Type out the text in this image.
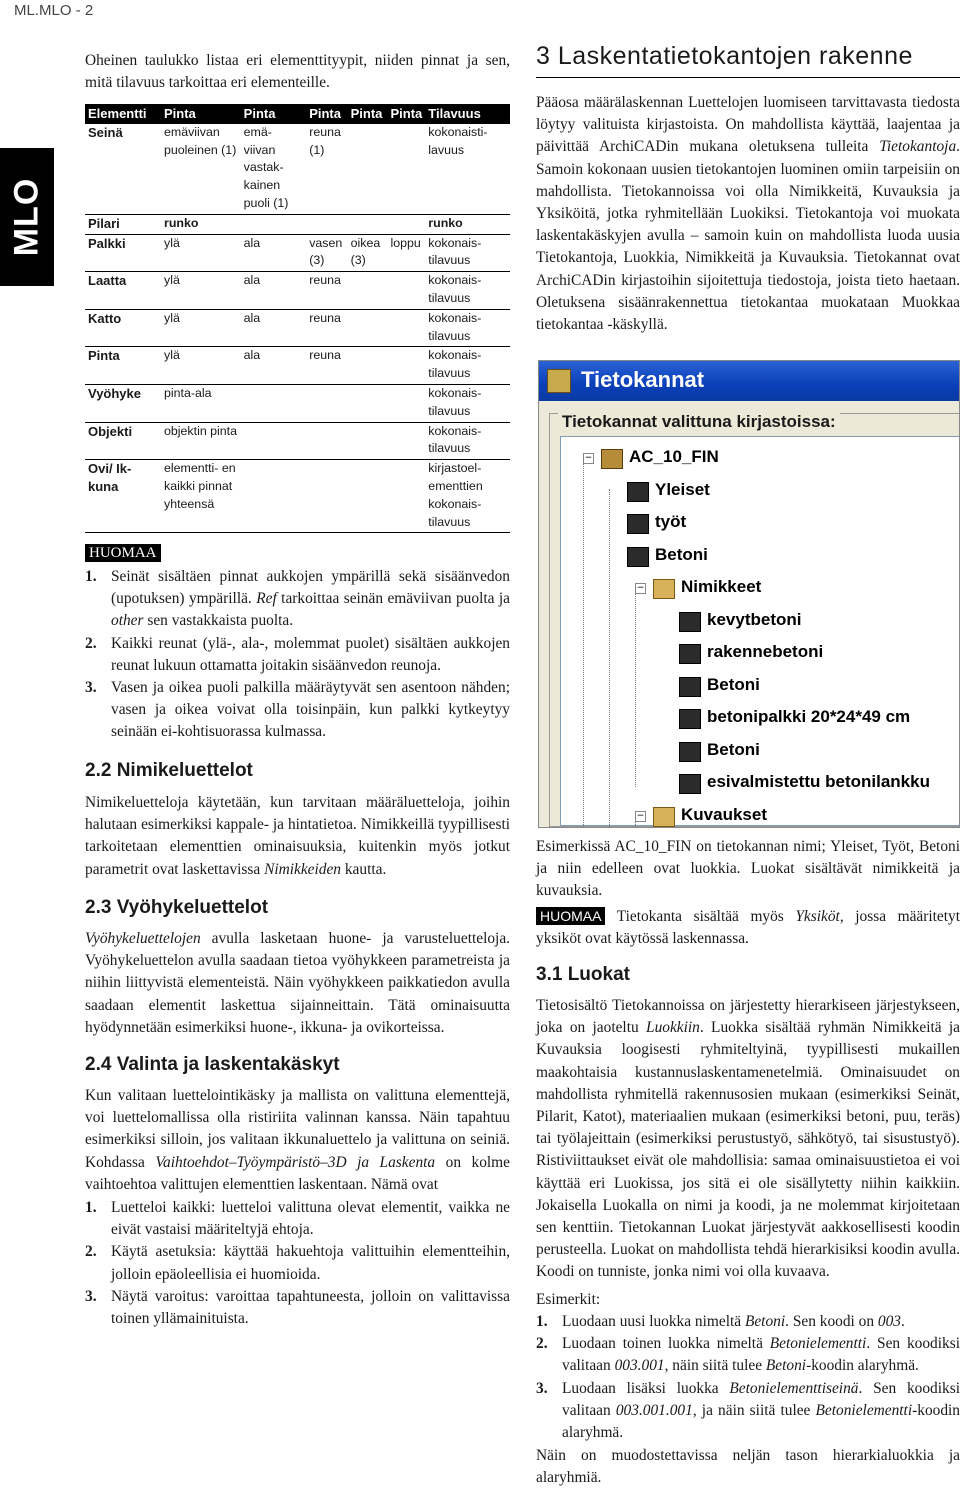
ML.MLO - 2
MLO
Oheinen taulukko listaa eri elementtityypit, niiden pinnat ja sen, mitä tilavuus tarkoittaa eri elementeille.
Elementti	Pinta	Pinta	Pinta	Pinta	Pinta	Tilavuus
Seinä	emäviivan puoleinen (1)	emä- viivan vastak- kainen puoli (1)	reuna (1)			kokonaisti- lavuus
Pilari	runko					runko
Palkki	ylä	ala	vasen (3)	oikea (3)	loppu	kokonais- tilavuus
Laatta	ylä	ala	reuna			kokonais- tilavuus
Katto	ylä	ala	reuna			kokonais- tilavuus
Pinta	ylä	ala	reuna			kokonais- tilavuus
Vyöhyke	pinta-ala					kokonais- tilavuus
Objekti	objektin pinta					kokonais- tilavuus
Ovi/ Ik- kuna	elementti- en kaikki pinnat yhteensä					kirjastoel- ementtien kokonais- tilavuus
HUOMAA
1. Seinät sisältäen pinnat aukkojen ympärillä sekä sisäänvedon (upotuksen) ympärillä. Ref tarkoittaa seinän emäviivan puolta ja other sen vastakkaista puolta.
2. Kaikki reunat (ylä-, ala-, molemmat puolet) sisältäen aukkojen reunat lukuun ottamatta joitakin sisäänvedon reunoja.
3. Vasen ja oikea puoli palkilla määräytyvät sen asentoon nähden; vasen ja oikea voivat olla toisinpäin, kun palkki kytkeytyy seinään ei-kohtisuorassa kulmassa.
2.2 Nimikeluettelot
Nimikeluetteloja käytetään, kun tarvitaan määräluetteloja, joihin halutaan esimerkiksi kappale- ja hintatietoa. Nimikkeillä tyypillisesti tarkoitetaan elementtien ominaisuuksia, kuitenkin myös jotkut parametrit ovat laskettavissa Nimikkeiden kautta.
2.3 Vyöhykeluettelot
Vyöhykeluettelojen avulla lasketaan huone- ja varusteluetteloja. Vyöhykeluettelon avulla saadaan tietoa vyöhykkeen parametreista ja niihin liittyvistä elementeistä. Näin vyöhykkeen paikkatiedon avulla saadaan elementit laskettua sijainneittain. Tätä ominaisuutta hyödynnetään esimerkiksi huone-, ikkuna- ja ovikorteissa.
2.4 Valinta ja laskentakäskyt
Kun valitaan luettelointikäsky ja mallista on valittuna elementtejä, voi luettelomallissa olla ristiriita valinnan kanssa. Näin tapahtuu esimerkiksi silloin, jos valitaan ikkunaluettelo ja valittuna on seiniä. Kohdassa Vaihtoehdot–Työympäristö–3D ja Laskenta on kolme vaihtoehtoa valittujen elementtien laskentaan. Nämä ovat
1. Luetteloi kaikki: luetteloi valittuna olevat elementit, vaikka ne eivät vastaisi määriteltyjä ehtoja.
2. Käytä asetuksia: käyttää hakuehtoja valittuihin elementteihin, jolloin epäoleellisia ei huomioida.
3. Näytä varoitus: varoittaa tapahtuneesta, jolloin on valittavissa toinen yllämainituista.
3 Laskentatietokantojen rakenne
Pääosa määrälaskennan Luettelojen luomiseen tarvittavasta tiedosta löytyy valituista kirjastoista. On mahdollista käyttää, laajentaa ja päivittää ArchiCADin mukana oletuksena tulleita Tietokantoja. Samoin kokonaan uusien tietokantojen luominen omiin tarpeisiin on mahdollista. Tietokannoissa voi olla Nimikkeitä, Kuvauksia ja Yksiköitä, jotka ryhmitellään Luokiksi. Tietokantoja voi muokata laskentakäskyjen avulla – samoin kuin on mahdollista luoda uusia Tietokantoja, Luokkia, Nimikkeitä ja Kuvauksia. Tietokannat ovat ArchiCADin kirjastoihin sijoitettuja tiedostoja, joista tieto haetaan. Oletuksena sisäänrakennettua tietokantaa muokataan Muokkaa tietokantaa -käskyllä.
Tietokannat
Tietokannat valittuna kirjastoissa:
AC_10_FIN
−
Yleiset
työt
Betoni
Nimikkeet
−
kevytbetoni
rakennebetoni
Betoni
betonipalkki 20*24*49 cm
Betoni
esivalmistettu betonilankku
Kuvaukset
−
Esimerkissä AC_10_FIN on tietokannan nimi; Yleiset, Työt, Betoni ja niin edelleen ovat luokkia. Luokat sisältävät nimikkeitä ja kuvauksia.
HUOMAA Tietokanta sisältää myös Yksiköt, jossa määritetyt yksiköt ovat käytössä laskennassa.
3.1 Luokat
Tietosisältö Tietokannoissa on järjestetty hierarkiseen järjestykseen, joka on jaoteltu Luokkiin. Luokka sisältää ryhmän Nimikkeitä ja Kuvauksia loogisesti ryhmiteltyinä, tyypillisesti mukaillen maakohtaisia kustannuslaskentamenetelmiä. Ominaisuudet on mahdollista ryhmitellä rakennusosien mukaan (esimerkiksi Seinät, Pilarit, Katot), materiaalien mukaan (esimerkiksi betoni, puu, teräs) tai työlajeittain (esimerkiksi perustustyö, sähkötyö, tai sisustustyö). Ristiviittaukset eivät ole mahdollisia: samaa ominaisuustietoa ei voi käyttää eri Luokissa, jos sitä ei ole sisällytetty niihin kaikkiin. Jokaisella Luokalla on nimi ja koodi, ja ne molemmat kirjoitetaan sen kenttiin. Tietokannan Luokat järjestyvät aakkosellisesti koodin perusteella. Luokat on mahdollista tehdä hierarkisiksi koodin avulla. Koodi on tunniste, jonka nimi voi olla kuvaava.
Esimerkit:
1. Luodaan uusi luokka nimeltä Betoni. Sen koodi on 003.
2. Luodaan toinen luokka nimeltä Betonielementti. Sen koodiksi valitaan 003.001, näin siitä tulee Betoni-koodin alaryhmä.
3. Luodaan lisäksi luokka Betonielementtiseinä. Sen koodiksi valitaan 003.001.001, ja näin siitä tulee Betonielementti-koodin alaryhmä.
Näin on muodostettavissa neljän tason hierarkialuokkia ja alaryhmiä.
